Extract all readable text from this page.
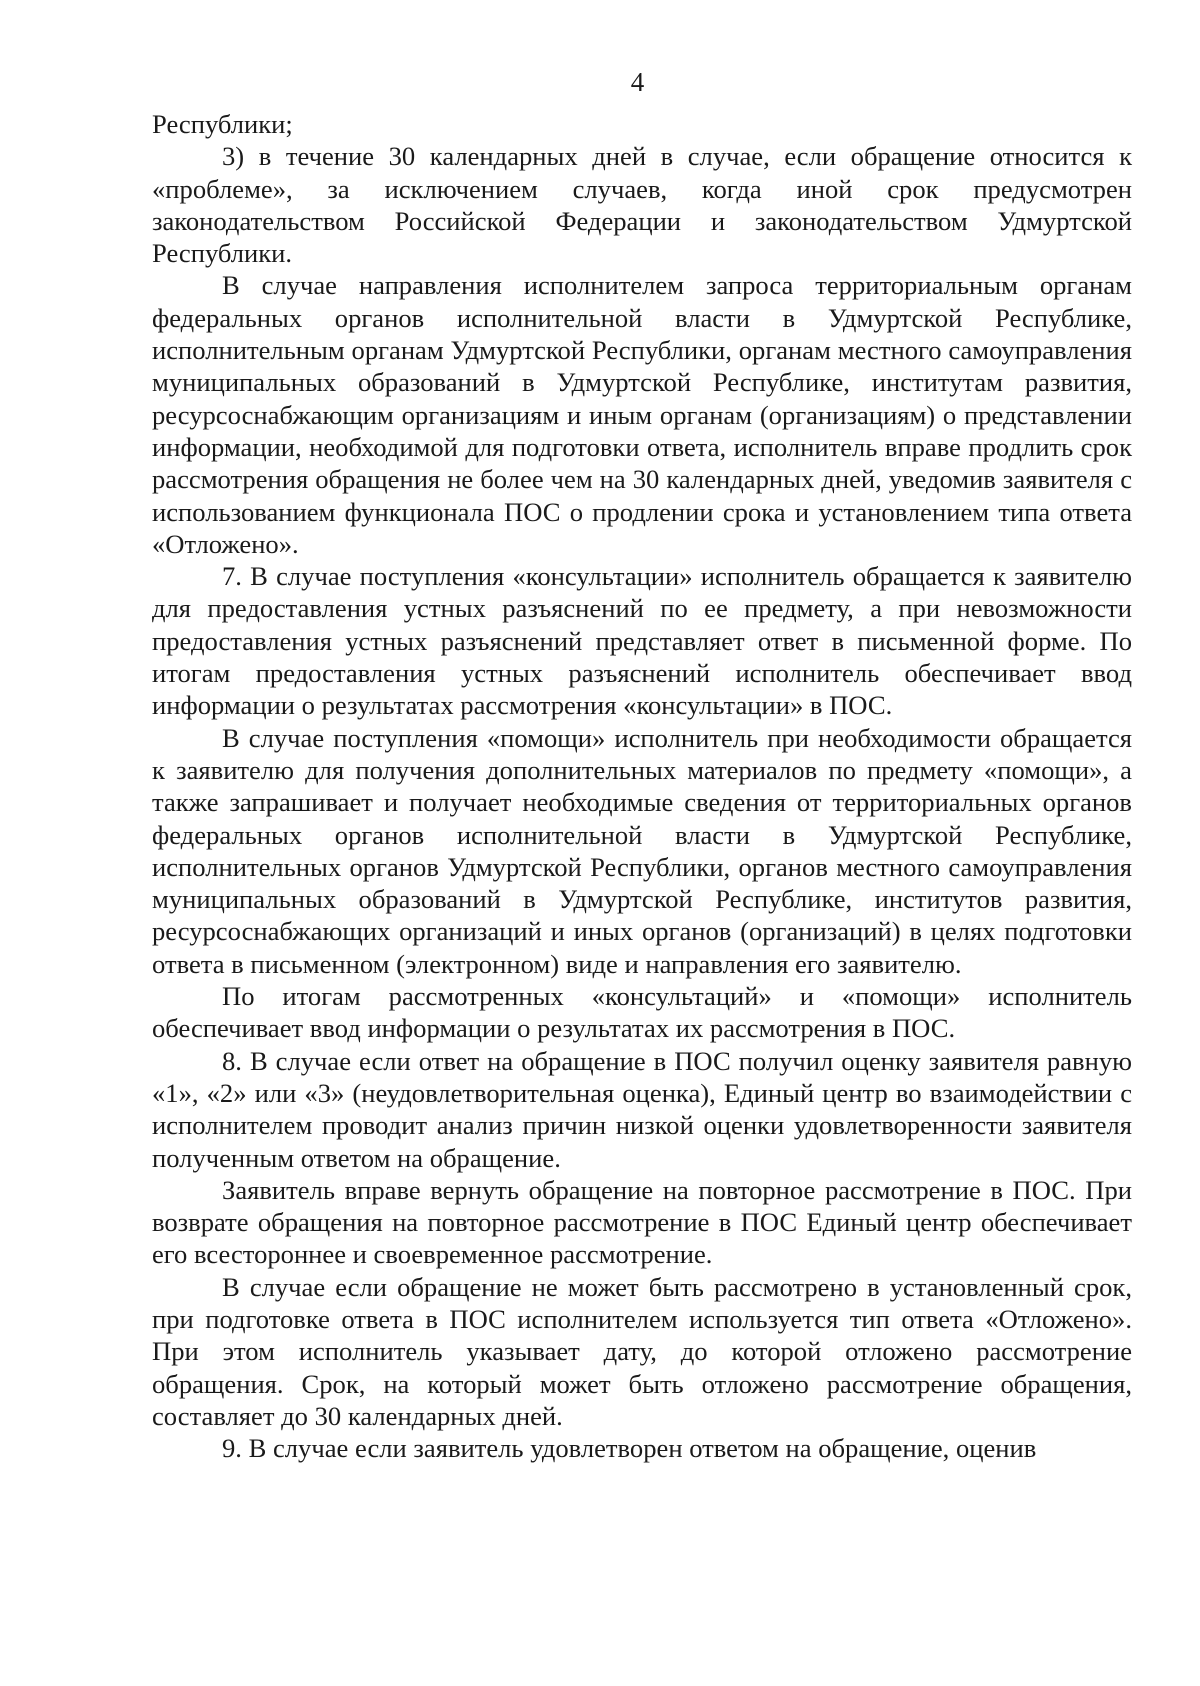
4

Республики;

3) в течение 30 календарных дней в случае, если обращение относится к «проблеме», за исключением случаев, когда иной срок предусмотрен законодательством Российской Федерации и законодательством Удмуртской Республики.

В случае направления исполнителем запроса территориальным органам федеральных органов исполнительной власти в Удмуртской Республике, исполнительным органам Удмуртской Республики, органам местного самоуправления муниципальных образований в Удмуртской Республике, институтам развития, ресурсоснабжающим организациям и иным органам (организациям) о представлении информации, необходимой для подготовки ответа, исполнитель вправе продлить срок рассмотрения обращения не более чем на 30 календарных дней, уведомив заявителя с использованием функционала ПОС о продлении срока и установлением типа ответа «Отложено».

7. В случае поступления «консультации» исполнитель обращается к заявителю для предоставления устных разъяснений по ее предмету, а при невозможности предоставления устных разъяснений представляет ответ в письменной форме. По итогам предоставления устных разъяснений исполнитель обеспечивает ввод информации о результатах рассмотрения «консультации» в ПОС.

В случае поступления «помощи» исполнитель при необходимости обращается к заявителю для получения дополнительных материалов по предмету «помощи», а также запрашивает и получает необходимые сведения от территориальных органов федеральных органов исполнительной власти в Удмуртской Республике, исполнительных органов Удмуртской Республики, органов местного самоуправления муниципальных образований в Удмуртской Республике, институтов развития, ресурсоснабжающих организаций и иных органов (организаций) в целях подготовки ответа в письменном (электронном) виде и направления его заявителю.

По итогам рассмотренных «консультаций» и «помощи» исполнитель обеспечивает ввод информации о результатах их рассмотрения в ПОС.

8. В случае если ответ на обращение в ПОС получил оценку заявителя равную «1», «2» или «3» (неудовлетворительная оценка), Единый центр во взаимодействии с исполнителем проводит анализ причин низкой оценки удовлетворенности заявителя полученным ответом на обращение.

Заявитель вправе вернуть обращение на повторное рассмотрение в ПОС. При возврате обращения на повторное рассмотрение в ПОС Единый центр обеспечивает его всестороннее и своевременное рассмотрение.

В случае если обращение не может быть рассмотрено в установленный срок, при подготовке ответа в ПОС исполнителем используется тип ответа «Отложено». При этом исполнитель указывает дату, до которой отложено рассмотрение обращения. Срок, на который может быть отложено рассмотрение обращения, составляет до 30 календарных дней.

9. В случае если заявитель удовлетворен ответом на обращение, оценив
